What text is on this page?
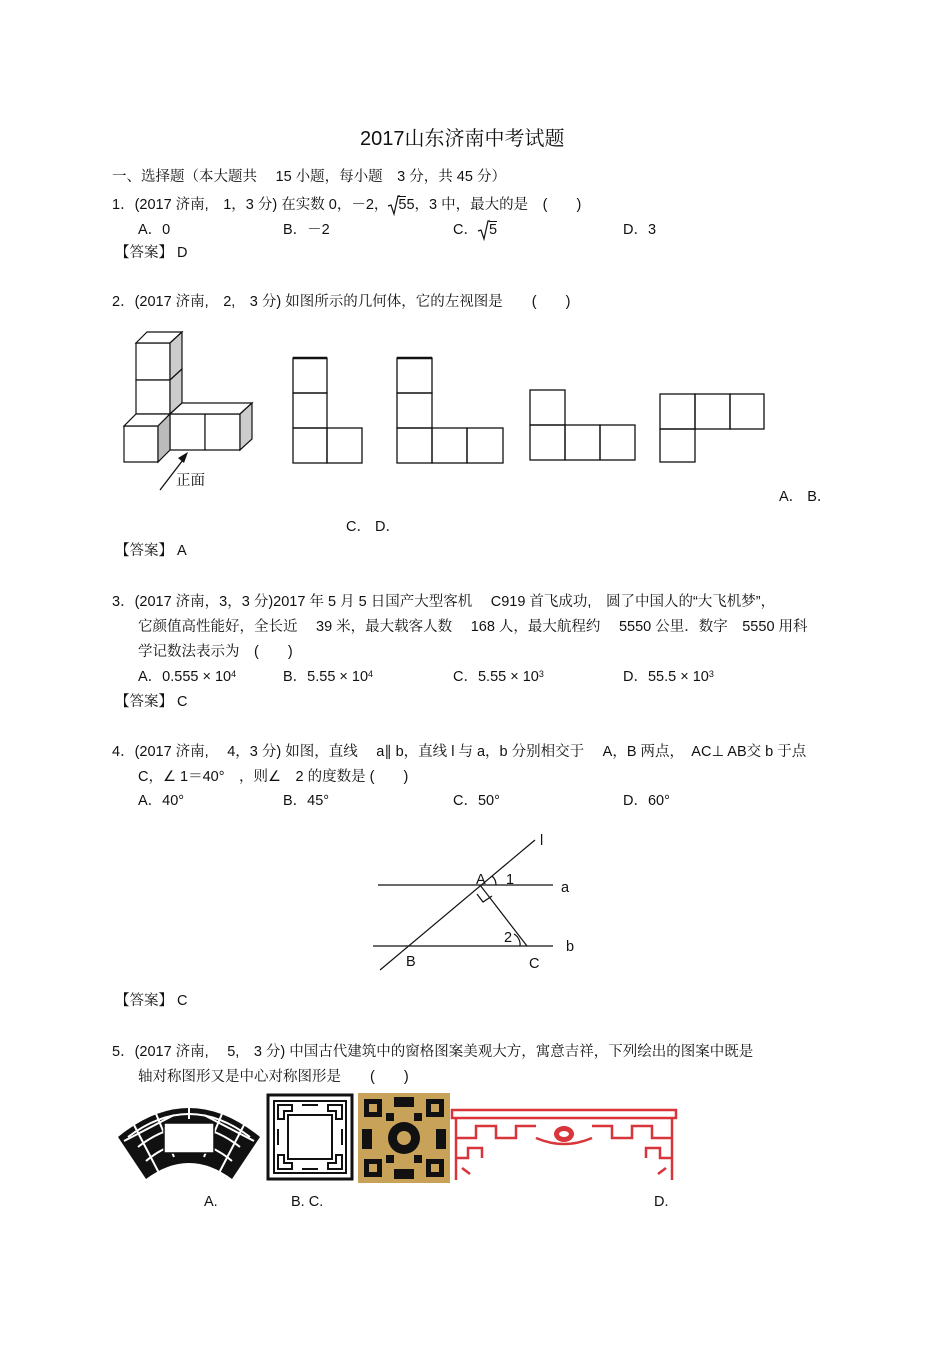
2017山东济南中考试题
一、选择题（本大题共　 15 小题，每小题　3 分，共 45 分）
1．(2017 济南,　1，3 分) 在实数 0，－2， 55，3 中，最大的是　(　　)
A．0	B．－2	C． 5	D．3
【答案】 D
2．(2017 济南,　2,　3 分) 如图所示的几何体，它的左视图是　　(　　)
正面
A． B．
C． D．
【答案】 A
3．(2017 济南，3，3 分)2017 年 5 月 5 日国产大型客机　 C919 首飞成功,　圆了中国人的“大飞机梦”，
它颜值高性能好，全长近　 39 米，最大载客人数　 168 人，最大航程约　 5550 公里．数字　5550 用科
学记数法表示为　(　　)
A．$0.555 \times 10^4$	B．$5.55 \times 10^4$	C．$5.55 \times 10^3$	D．$55.5 \times 10^3$
【答案】 C
4．(2017 济南,　 4，3 分) 如图，直线　 a∥ b，直线 l 与 a，b 分别相交于　 A，B 两点，　AC⊥ AB交 b 于点
C，∠ 1＝40°　，则∠　2 的度数是 (　　)
A．40°	B．45°	C．50°	D．60°
l
A 1	a
2
b
B	C
【答案】 C
5．(2017 济南,　 5,　3 分) 中国古代建筑中的窗格图案美观大方，寓意吉祥，下列绘出的图案中既是
轴对称图形又是中心对称图形是　　(　　)
A.	B. C.	D.
